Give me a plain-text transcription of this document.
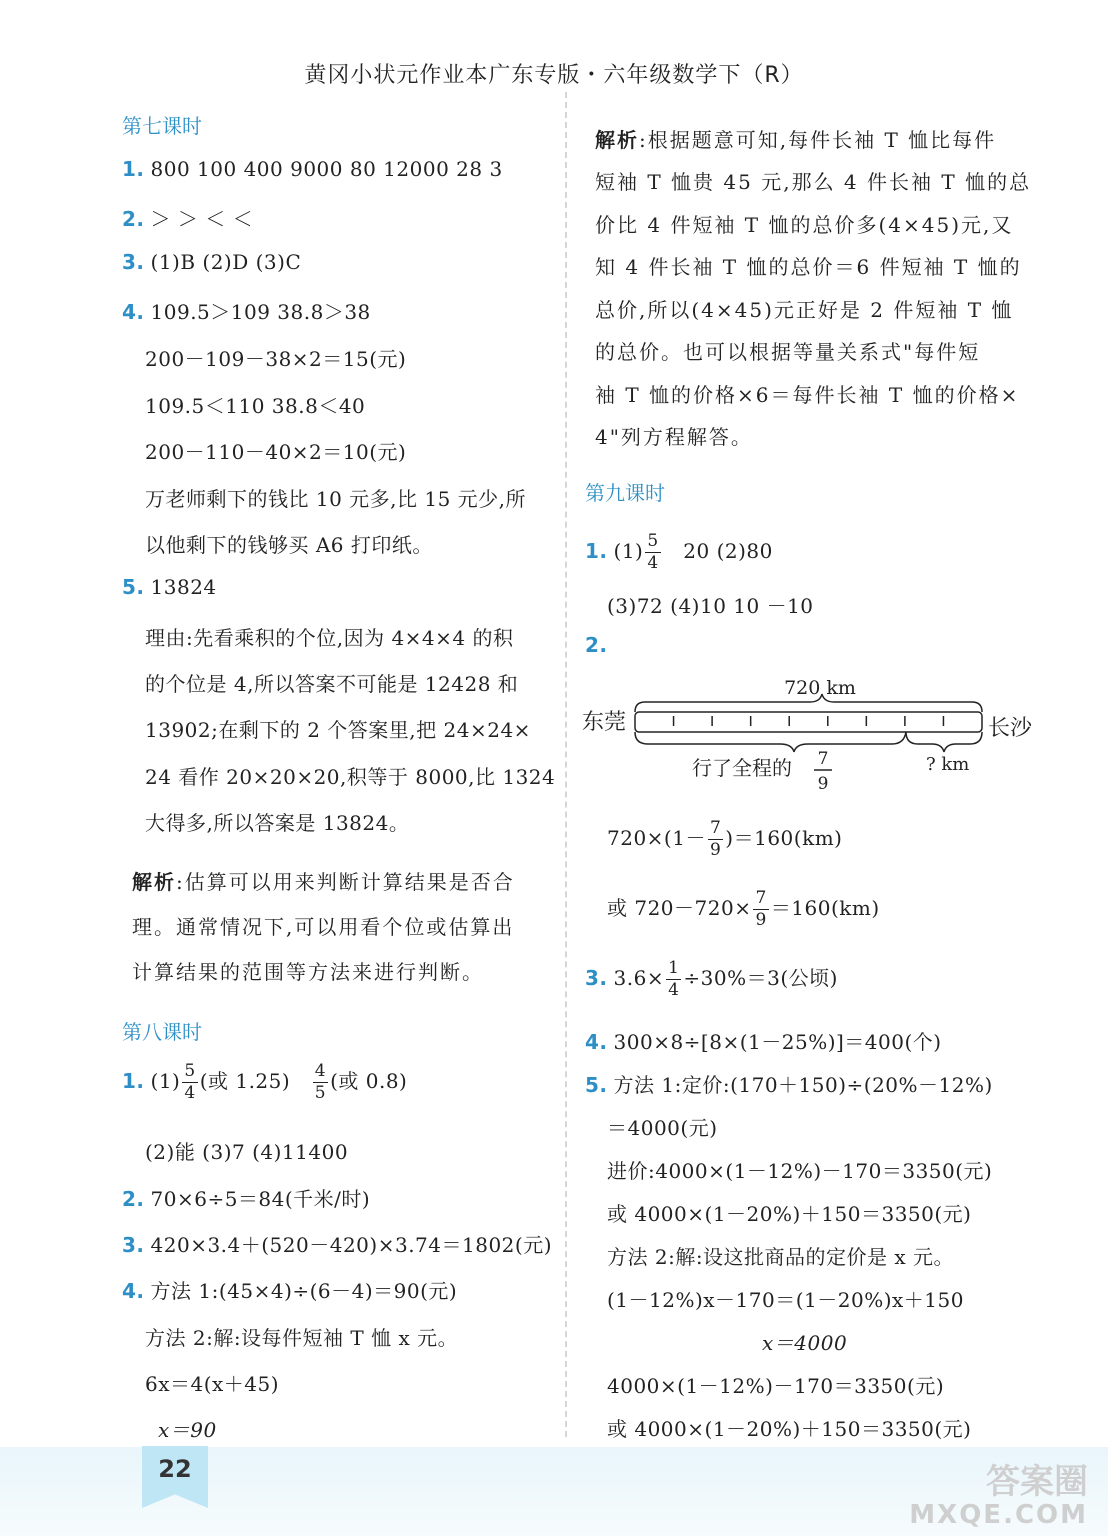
黄冈小状元作业本广东专版・六年级数学下（R）
第七课时
1. 800 100 400 9000 80 12000 28 3
2. ＞ ＞ ＜ ＜
3. (1)B (2)D (3)C
4. 109.5＞109 38.8＞38
200－109－38×2＝15(元)
109.5＜110 38.8＜40
200－110－40×2＝10(元)
万老师剩下的钱比 10 元多,比 15 元少,所
以他剩下的钱够买 A6 打印纸。
5. 13824
理由:先看乘积的个位,因为 4×4×4 的积
的个位是 4,所以答案不可能是 12428 和
13902;在剩下的 2 个答案里,把 24×24×
24 看作 20×20×20,积等于 8000,比 1324
大得多,所以答案是 13824。
解析:估算可以用来判断计算结果是否合
理。通常情况下,可以用看个位或估算出
计算结果的范围等方法来进行判断。
第八课时
1. $(1) \frac{5}{4}$ (或 $1.25) \frac{4}{5}$ (或 0.8)
(2)能 (3)7 (4)11400
2. 70×6÷5＝84(千米/时)
3. 420×3.4＋(520－420)×3.74＝1802(元)
4. 方法 1:(45×4)÷(6－4)＝90(元)
方法 2:解:设每件短袖 T 恤 x 元。
6x＝4(x＋45)
x＝90
解析:根据题意可知,每件长袖 T 恤比每件
短袖 T 恤贵 45 元,那么 4 件长袖 T 恤的总
价比 4 件短袖 T 恤的总价多(4×45)元,又
知 4 件长袖 T 恤的总价＝6 件短袖 T 恤的
总价,所以(4×45)元正好是 2 件短袖 T 恤
的总价。也可以根据等量关系式"每件短
袖 T 恤的价格×6＝每件长袖 T 恤的价格×
4"列方程解答。
第九课时
1. $(1) \frac{5}{4} 20$ (2)80
(3)72 (4)10 10 －10
2.
720 km
东莞	长沙
行了全程的 7
9
? km
$720\times(1- \frac{7}{9} )=160(km)$
或 $720-720\times \frac{7}{9} =160(km)$
3. $3.6\times \frac{1}{4} \div 30\%=3$(公顷)
4. 300×8÷[8×(1－25%)]＝400(个)
5. 方法 1:定价:(170＋150)÷(20%－12%)
＝4000(元)
进价:4000×(1－12%)－170＝3350(元)
或 4000×(1－20%)＋150＝3350(元)
方法 2:解:设这批商品的定价是 x 元。
(1－12%)x－170＝(1－20%)x＋150
x＝4000
4000×(1－12%)－170＝3350(元)
或 4000×(1－20%)＋150＝3350(元)
22	答案圈
MXQE.COM
